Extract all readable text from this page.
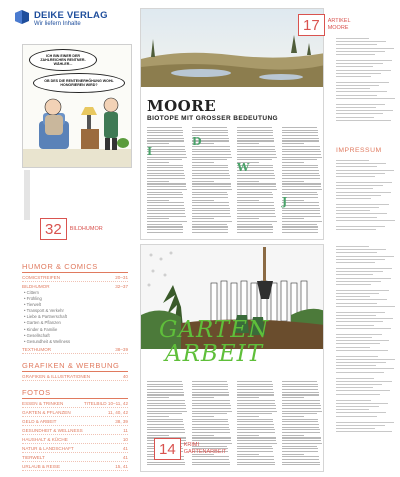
DEIKE VERLAG
Wir liefern Inhalte
ICH BIN EINER DER ZAHLREICHEN RENTNER-WÄHLER...
OB DES DIE RENTENERHÖHUNG WOHL HONORIEREN WIRD?
32	BILDHUMOR
HUMOR & COMICS
COMICSTREIFEN	20–31
BILDHUMOR	32–37
• Cittern
• Frühling
• Tierwelt
• Transport & Verkehr
• Liebe & Partnerschaft
• Garten & Pflanzen
• Kinder & Familie
• Gesellschaft
• Gesundheit & Wellness
TEXTHUMOR	38–39
GRAFIKEN & WERBUNG
GRAFIKEN & ILLUSTRATIONEN	40
FOTOS
ESSEN & TRINKEN	TITELBILD 10–11, 42
GARTEN & PFLANZEN	11, 40, 42
GELD & ARBEIT	38, 39
GESUNDHEIT & WELLNESS	11
HAUSHALT & KÜCHE	10
NATUR & LANDSCHAFT	41
TIERWELT	41
URLAUB & REISE	15, 41
MOORE
BIOTOPE MIT GROSSER BEDEUTUNG
I
D
W
J
17	ARTIKEL
MOORE
IMPRESSUM
GARTEN
ARBEIT
14	KRIMI
GARTENARBEIT
